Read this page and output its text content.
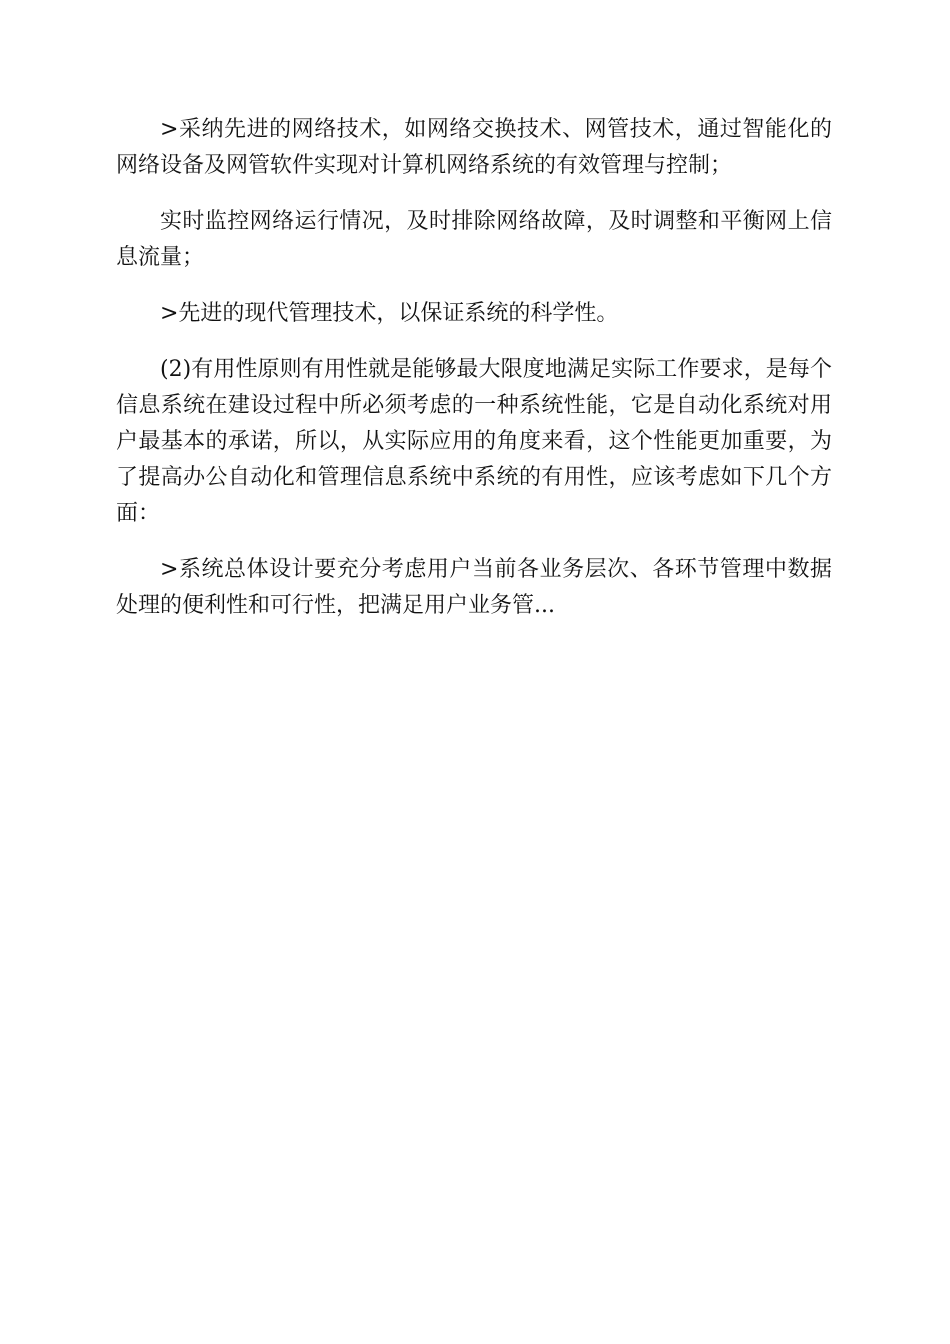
>采纳先进的网络技术，如网络交换技术、网管技术，通过智能化的网络设备及网管软件实现对计算机网络系统的有效管理与控制；

实时监控网络运行情况，及时排除网络故障，及时调整和平衡网上信息流量；

>先进的现代管理技术，以保证系统的科学性。

(2)有用性原则有用性就是能够最大限度地满足实际工作要求，是每个信息系统在建设过程中所必须考虑的一种系统性能，它是自动化系统对用户最基本的承诺，所以，从实际应用的角度来看，这个性能更加重要，为了提高办公自动化和管理信息系统中系统的有用性，应该考虑如下几个方面：

>系统总体设计要充分考虑用户当前各业务层次、各环节管理中数据处理的便利性和可行性，把满足用户业务管...
